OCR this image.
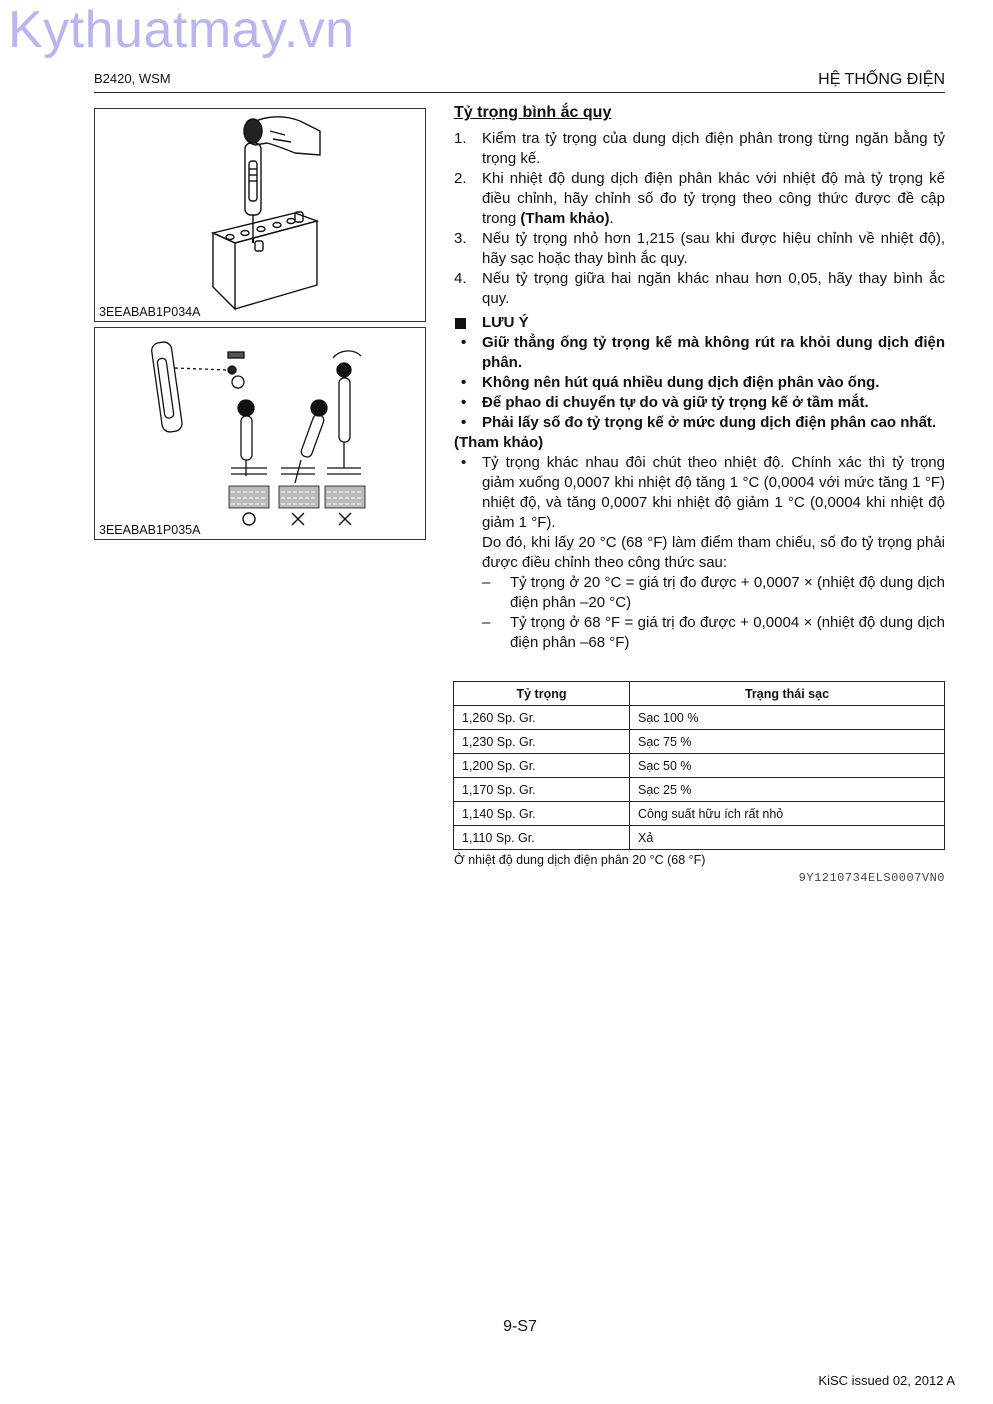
Kythuatmay.vn
B2420, WSM	HỆ THỐNG ĐIỆN
3EEABAB1P034A
3EEABAB1P035A
Tỷ trọng bình ắc quy
1. Kiểm tra tỷ trọng của dung dịch điện phân trong từng ngăn bằng tỷ trọng kế.
2. Khi nhiệt độ dung dịch điện phân khác với nhiệt độ mà tỷ trọng kế điều chỉnh, hãy chỉnh số đo tỷ trọng theo công thức được đề cập trong (Tham khảo).
3. Nếu tỷ trọng nhỏ hơn 1,215 (sau khi được hiệu chỉnh về nhiệt độ), hãy sạc hoặc thay bình ắc quy.
4. Nếu tỷ trọng giữa hai ngăn khác nhau hơn 0,05, hãy thay bình ắc quy.
LƯU Ý
• Giữ thẳng ống tỷ trọng kế mà không rút ra khỏi dung dịch điện phân.
• Không nên hút quá nhiều dung dịch điện phân vào ống.
• Để phao di chuyển tự do và giữ tỷ trọng kế ở tầm mắt.
• Phải lấy số đo tỷ trọng kế ở mức dung dịch điện phân cao nhất.
(Tham khảo)
• Tỷ trọng khác nhau đôi chút theo nhiệt độ. Chính xác thì tỷ trọng giảm xuống 0,0007 khi nhiệt độ tăng 1 °C (0,0004 với mức tăng 1 °F) nhiệt độ, và tăng 0,0007 khi nhiệt độ giảm 1 °C (0,0004 khi nhiệt độ giảm 1 °F).
Do đó, khi lấy 20 °C (68 °F) làm điểm tham chiếu, số đo tỷ trọng phải được điều chỉnh theo công thức sau:
– Tỷ trọng ở 20 °C = giá trị đo được + 0,0007 × (nhiệt độ dung dịch điện phân –20 °C)
– Tỷ trọng ở 68 °F = giá trị đo được + 0,0004 × (nhiệt độ dung dịch điện phân –68 °F)
Tỷ trọng	Trạng thái sạc
1,260 Sp. Gr.	Sạc 100 %
1,230 Sp. Gr.	Sạc 75 %
1,200 Sp. Gr.	Sạc 50 %
1,170 Sp. Gr.	Sạc 25 %
1,140 Sp. Gr.	Công suất hữu ích rất nhỏ
1,110 Sp. Gr.	Xả
Ở nhiệt độ dung dịch điện phân 20 °C (68 °F)
9Y1210734ELS0007VN0
9-S7
KiSC issued 02, 2012 A
